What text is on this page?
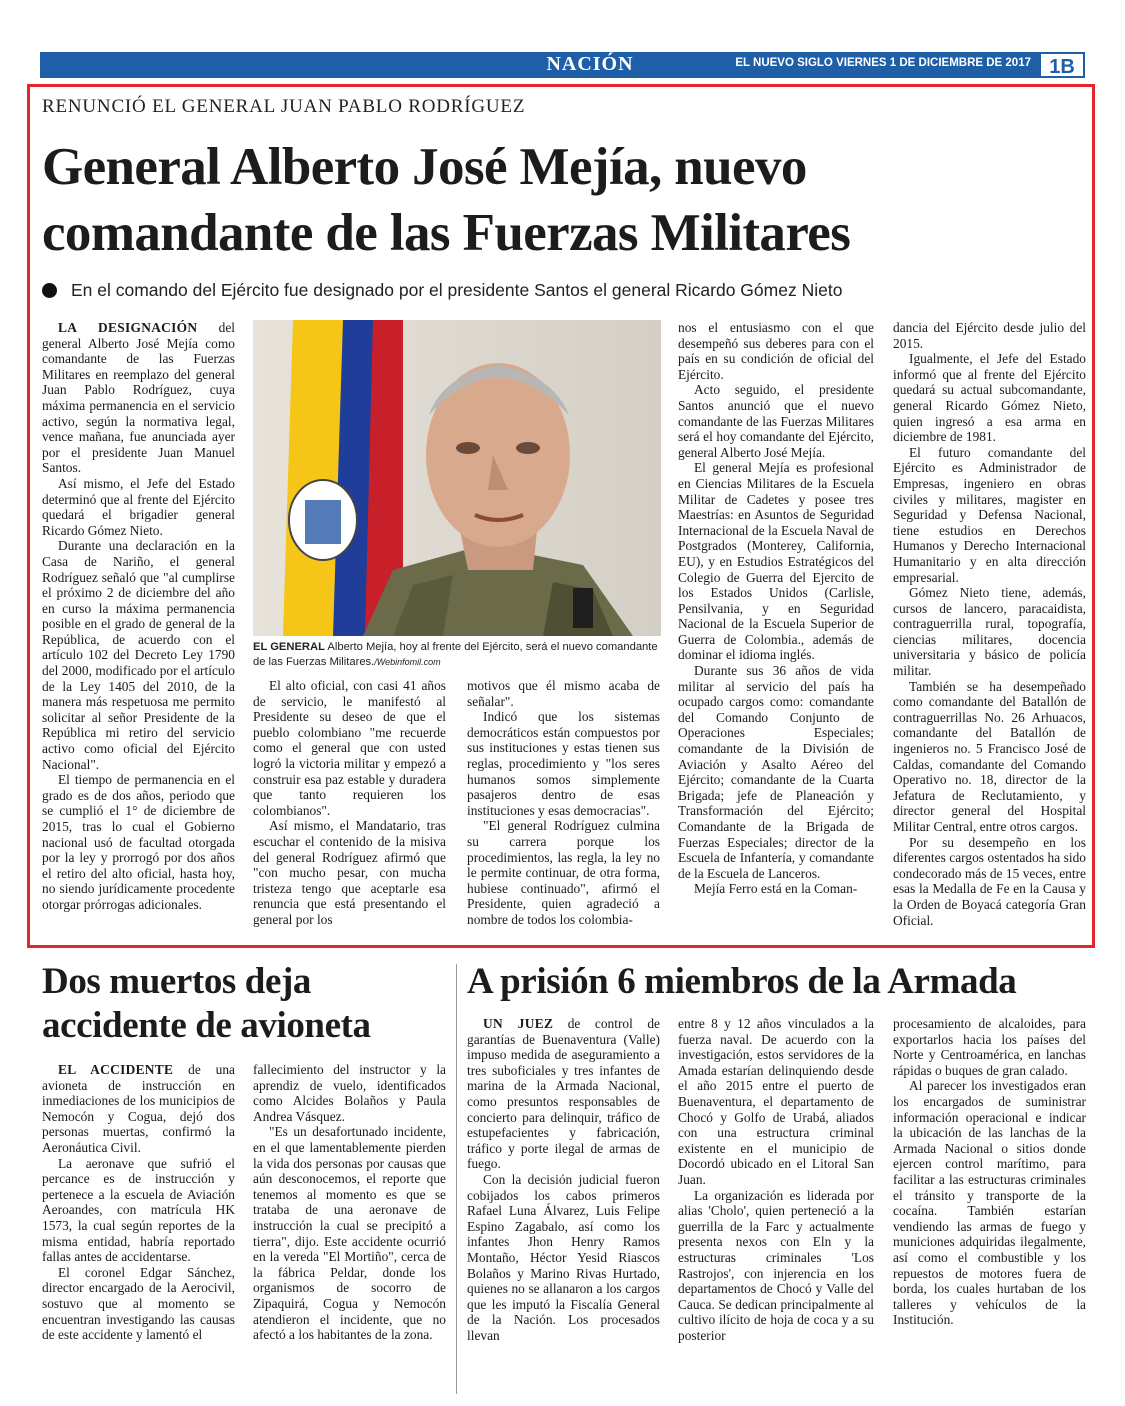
NACIÓN	EL NUEVO SIGLO VIERNES 1 DE DICIEMBRE DE 2017 1B
RENUNCIÓ EL GENERAL JUAN PABLO RODRÍGUEZ
General Alberto José Mejía, nuevo comandante de las Fuerzas Militares
En el comando del Ejército fue designado por el presidente Santos el general Ricardo Gómez Nieto

LA DESIGNACIÓN del general Alberto José Mejía como comandante de las Fuerzas Militares en reemplazo del general Juan Pablo Rodríguez, cuya máxima permanencia en el servicio activo, según la normativa legal, vence mañana, fue anunciada ayer por el presidente Juan Manuel Santos.

Así mismo, el Jefe del Estado determinó que al frente del Ejército quedará el brigadier general Ricardo Gómez Nieto.

Durante una declaración en la Casa de Nariño, el general Rodríguez señaló que "al cumplirse el próximo 2 de diciembre del año en curso la máxima permanencia posible en el grado de general de la República, de acuerdo con el artículo 102 del Decreto Ley 1790 del 2000, modificado por el artículo de la Ley 1405 del 2010, de la manera más respetuosa me permito solicitar al señor Presidente de la República mi retiro del servicio activo como oficial del Ejército Nacional".

El tiempo de permanencia en el grado es de dos años, periodo que se cumplió el 1° de diciembre de 2015, tras lo cual el Gobierno nacional usó de facultad otorgada por la ley y prorrogó por dos años el retiro del alto oficial, hasta hoy, no siendo jurídicamente procedente otorgar prórrogas adicionales.

EL GENERAL Alberto Mejía, hoy al frente del Ejército, será el nuevo comandante de las Fuerzas Militares./Webinfomil.com

El alto oficial, con casi 41 años de servicio, le manifestó al Presidente su deseo de que el pueblo colombiano "me recuerde como el general que con usted logró la victoria militar y empezó a construir esa paz estable y duradera que tanto requieren los colombianos".

Así mismo, el Mandatario, tras escuchar el contenido de la misiva del general Rodríguez afirmó que "con mucho pesar, con mucha tristeza tengo que aceptarle esa renuncia que está presentando el general por los

motivos que él mismo acaba de señalar".

Indicó que los sistemas democráticos están compuestos por sus instituciones y estas tienen sus reglas, procedimiento y "los seres humanos somos simplemente pasajeros dentro de esas instituciones y esas democracias".

"El general Rodríguez culmina su carrera porque los procedimientos, las regla, la ley no le permite continuar, de otra forma, hubiese continuado", afirmó el Presidente, quien agradeció a nombre de todos los colombia-

nos el entusiasmo con el que desempeñó sus deberes para con el país en su condición de oficial del Ejército.

Acto seguido, el presidente Santos anunció que el nuevo comandante de las Fuerzas Militares será el hoy comandante del Ejército, general Alberto José Mejía.

El general Mejía es profesional en Ciencias Militares de la Escuela Militar de Cadetes y posee tres Maestrías: en Asuntos de Seguridad Internacional de la Escuela Naval de Postgrados (Monterey, California, EU), y en Estudios Estratégicos del Colegio de Guerra del Ejercito de los Estados Unidos (Carlisle, Pensilvania, y en Seguridad Nacional de la Escuela Superior de Guerra de Colombia., además de dominar el idioma inglés.

Durante sus 36 años de vida militar al servicio del país ha ocupado cargos como: comandante del Comando Conjunto de Operaciones Especiales; comandante de la División de Aviación y Asalto Aéreo del Ejército; comandante de la Cuarta Brigada; jefe de Planeación y Transformación del Ejército; Comandante de la Brigada de Fuerzas Especiales; director de la Escuela de Infantería, y comandante de la Escuela de Lanceros.

Mejía Ferro está en la Coman-

dancia del Ejército desde julio del 2015.

Igualmente, el Jefe del Estado informó que al frente del Ejército quedará su actual subcomandante, general Ricardo Gómez Nieto, quien ingresó a esa arma en diciembre de 1981.

El futuro comandante del Ejército es Administrador de Empresas, ingeniero en obras civiles y militares, magister en Seguridad y Defensa Nacional, tiene estudios en Derechos Humanos y Derecho Internacional Humanitario y en alta dirección empresarial.

Gómez Nieto tiene, además, cursos de lancero, paracaidista, contraguerrilla rural, topografía, ciencias militares, docencia universitaria y básico de policía militar.

También se ha desempeñado como comandante del Batallón de contraguerrillas No. 26 Arhuacos, comandante del Batallón de ingenieros no. 5 Francisco José de Caldas, comandante del Comando Operativo no. 18, director de la Jefatura de Reclutamiento, y director general del Hospital Militar Central, entre otros cargos.

Por su desempeño en los diferentes cargos ostentados ha sido condecorado más de 15 veces, entre esas la Medalla de Fe en la Causa y la Orden de Boyacá categoría Gran Oficial.

Dos muertos deja accidente de avioneta

EL ACCIDENTE de una avioneta de instrucción en inmediaciones de los municipios de Nemocón y Cogua, dejó dos personas muertas, confirmó la Aeronáutica Civil.

La aeronave que sufrió el percance es de instrucción y pertenece a la escuela de Aviación Aeroandes, con matrícula HK 1573, la cual según reportes de la misma entidad, habría reportado fallas antes de accidentarse.

El coronel Edgar Sánchez, director encargado de la Aerocivil, sostuvo que al momento se encuentran investigando las causas de este accidente y lamentó el

fallecimiento del instructor y la aprendiz de vuelo, identificados como Alcides Bolaños y Paula Andrea Vásquez.

"Es un desafortunado incidente, en el que lamentablemente pierden la vida dos personas por causas que aún desconocemos, el reporte que tenemos al momento es que se trataba de una aeronave de instrucción la cual se precipitó a tierra", dijo. Este accidente ocurrió en la vereda "El Mortiño", cerca de la fábrica Peldar, donde los organismos de socorro de Zipaquirá, Cogua y Nemocón atendieron el incidente, que no afectó a los habitantes de la zona.

A prisión 6 miembros de la Armada

UN JUEZ de control de garantías de Buenaventura (Valle) impuso medida de aseguramiento a tres suboficiales y tres infantes de marina de la Armada Nacional, como presuntos responsables de concierto para delinquir, tráfico de estupefacientes y fabricación, tráfico y porte ilegal de armas de fuego.

Con la decisión judicial fueron cobijados los cabos primeros Rafael Luna Álvarez, Luis Felipe Espino Zagabalo, así como los infantes Jhon Henry Ramos Montaño, Héctor Yesid Riascos Bolaños y Marino Rivas Hurtado, quienes no se allanaron a los cargos que les imputó la Fiscalía General de la Nación. Los procesados llevan

entre 8 y 12 años vinculados a la fuerza naval. De acuerdo con la investigación, estos servidores de la Amada estarían delinquiendo desde el año 2015 entre el puerto de Buenaventura, el departamento de Chocó y Golfo de Urabá, aliados con una estructura criminal existente en el municipio de Docordó ubicado en el Litoral San Juan.

La organización es liderada por alias 'Cholo', quien perteneció a la guerrilla de la Farc y actualmente presenta nexos con Eln y la estructuras criminales 'Los Rastrojos', con injerencia en los departamentos de Chocó y Valle del Cauca. Se dedican principalmente al cultivo ilícito de hoja de coca y a su posterior

procesamiento de alcaloides, para exportarlos hacia los países del Norte y Centroamérica, en lanchas rápidas o buques de gran calado.

Al parecer los investigados eran los encargados de suministrar información operacional e indicar la ubicación de las lanchas de la Armada Nacional o sitios donde ejercen control marítimo, para facilitar a las estructuras criminales el tránsito y transporte de la cocaína. También estarían vendiendo las armas de fuego y municiones adquiridas ilegalmente, así como el combustible y los repuestos de motores fuera de borda, los cuales hurtaban de los talleres y vehículos de la Institución.
